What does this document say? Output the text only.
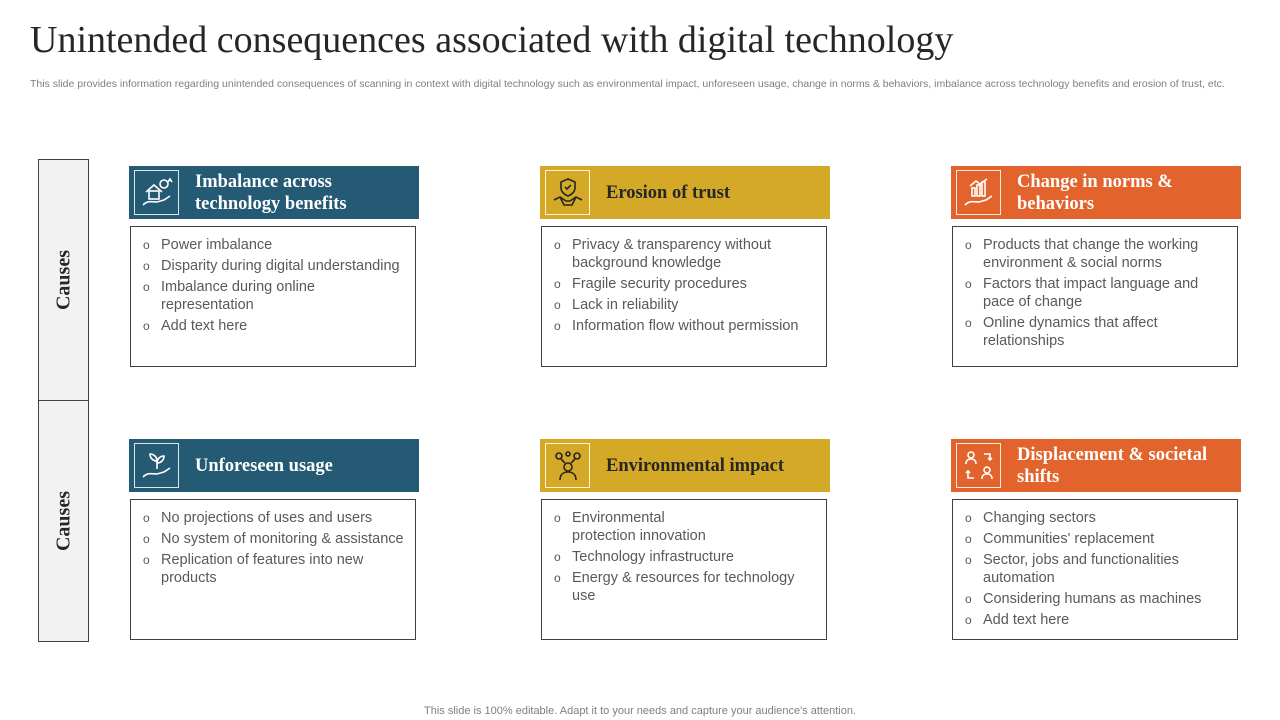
Unintended consequences associated with digital technology
This slide provides information regarding unintended consequences of scanning in context with digital technology such as environmental impact, unforeseen usage, change in norms & behaviors, imbalance across technology benefits and erosion of trust, etc.
Causes
Causes
Imbalance across technology benefits
o Power imbalance
o Disparity during digital understanding
o Imbalance during online representation
o Add text here
Erosion of trust
o Privacy & transparency without background knowledge
o Fragile security procedures
o Lack in reliability
o Information flow without permission
Change in norms & behaviors
o Products that change the working environment & social norms
o Factors that impact language and pace of change
o Online dynamics that affect relationships
Unforeseen usage
o No projections of uses and users
o No system of monitoring & assistance
o Replication of features into new products
Environmental impact
o Environmental protection innovation
o Technology infrastructure
o Energy & resources for technology use
Displacement & societal shifts
o Changing sectors
o Communities' replacement
o Sector, jobs and functionalities automation
o Considering humans as machines
o Add text here
This slide is 100% editable. Adapt it to your needs and capture your audience's attention.
